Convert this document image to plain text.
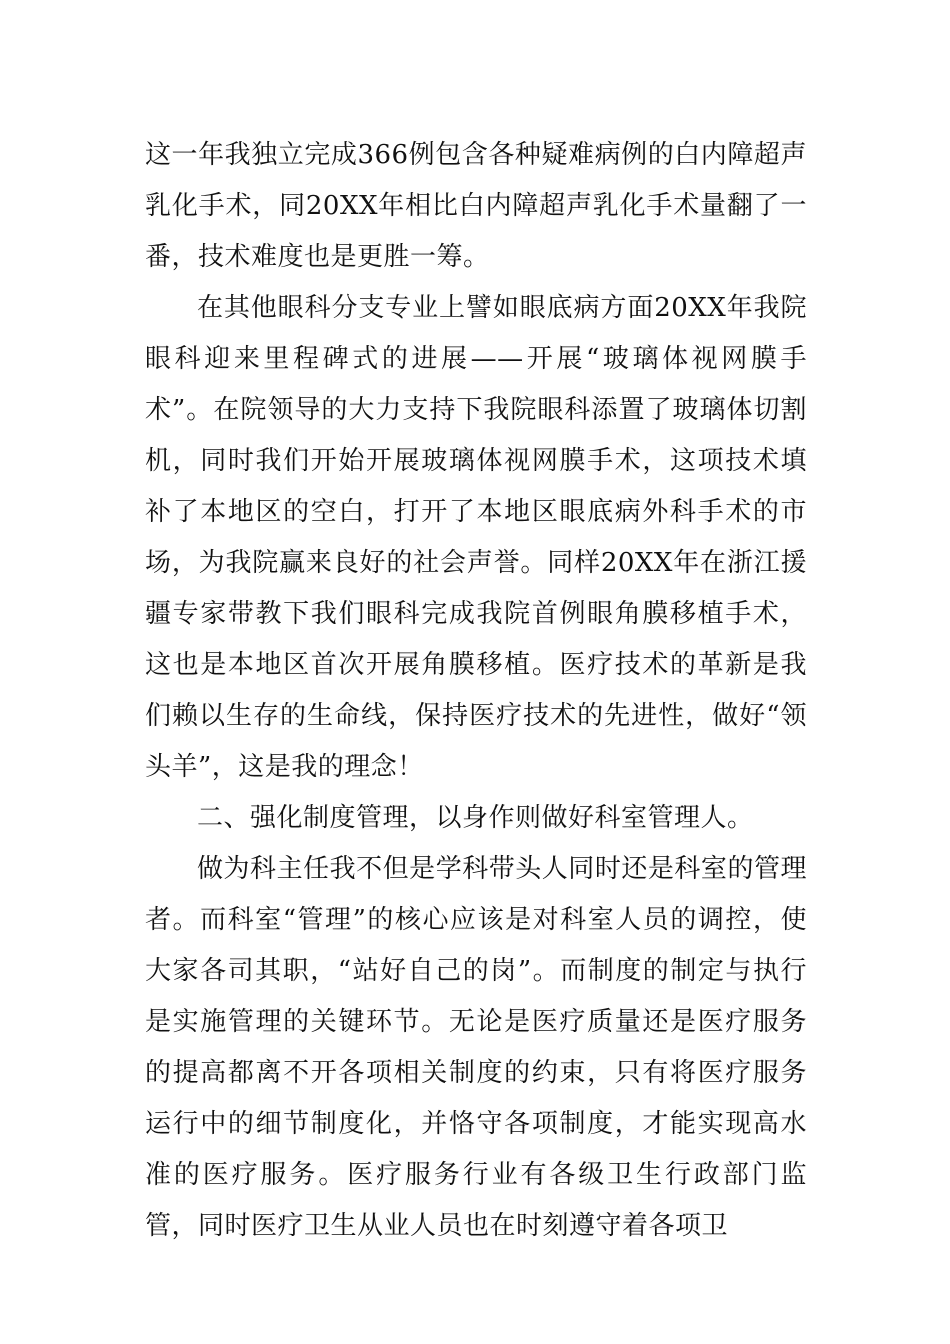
这一年我独立完成366例包含各种疑难病例的白内障超声乳化手术，同20XX年相比白内障超声乳化手术量翻了一番，技术难度也是更胜一筹。

在其他眼科分支专业上譬如眼底病方面20XX年我院眼科迎来里程碑式的进展——开展“玻璃体视网膜手术”。在院领导的大力支持下我院眼科添置了玻璃体切割机，同时我们开始开展玻璃体视网膜手术，这项技术填补了本地区的空白，打开了本地区眼底病外科手术的市场，为我院赢来良好的社会声誉。同样20XX年在浙江援疆专家带教下我们眼科完成我院首例眼角膜移植手术，这也是本地区首次开展角膜移植。医疗技术的革新是我们赖以生存的生命线，保持医疗技术的先进性，做好“领头羊”，这是我的理念！

二、强化制度管理，以身作则做好科室管理人。

做为科主任我不但是学科带头人同时还是科室的管理者。而科室“管理”的核心应该是对科室人员的调控，使大家各司其职，“站好自己的岗”。而制度的制定与执行是实施管理的关键环节。无论是医疗质量还是医疗服务的提高都离不开各项相关制度的约束，只有将医疗服务运行中的细节制度化，并恪守各项制度，才能实现高水准的医疗服务。医疗服务行业有各级卫生行政部门监管，同时医疗卫生从业人员也在时刻遵守着各项卫
